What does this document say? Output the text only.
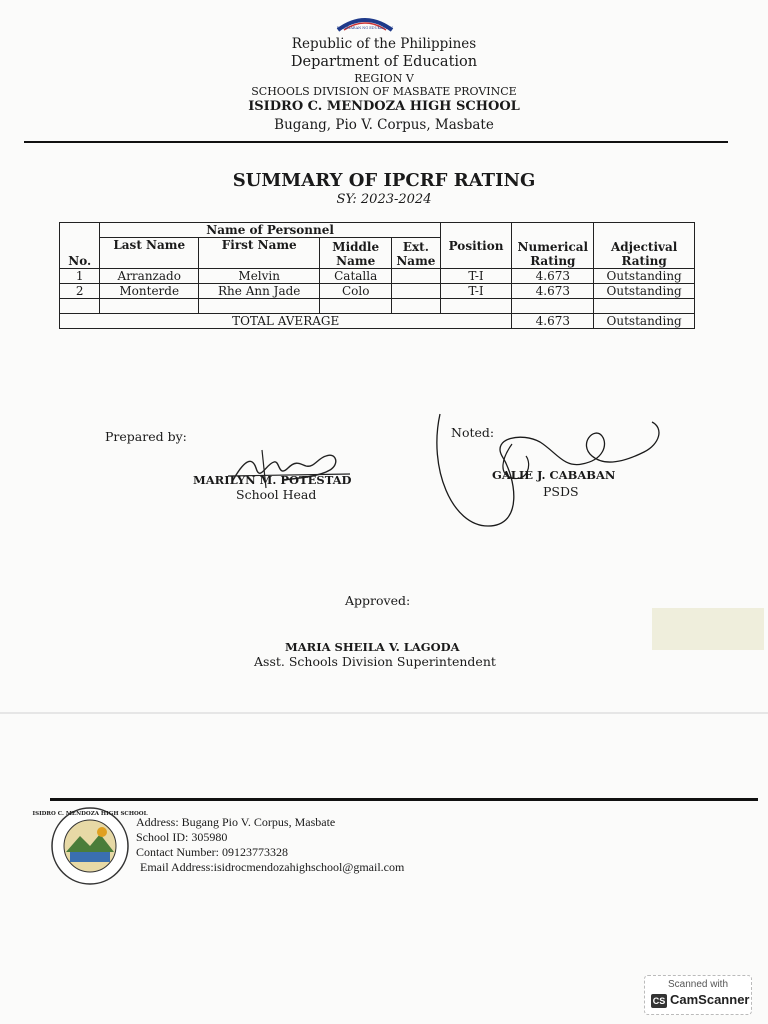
KAGAWARAN NG EDUKASYON
Republic of the Philippines
Department of Education
REGION V
SCHOOLS DIVISION OF MASBATE PROVINCE
ISIDRO C. MENDOZA HIGH SCHOOL
Bugang, Pio V. Corpus, Masbate
SUMMARY OF IPCRF RATING
SY: 2023-2024
No.	Name of Personnel				Position	Numerical Rating	Adjectival Rating
	Last Name	First Name	Middle Name	Ext. Name			
1	Arranzado	Melvin	Catalla		T-I	4.673	Outstanding
2	Monterde	Rhe Ann Jade	Colo		T-I	4.673	Outstanding

TOTAL AVERAGE						4.673	Outstanding
Prepared by:
MARILYN M. POTESTAD
School Head
Noted:
GALIE J. CABABAN
PSDS
Approved:
MARIA SHEILA V. LAGODA
Asst. Schools Division Superintendent
ISIDRO C. MENDOZA HIGH SCHOOL
Address: Bugang Pio V. Corpus, Masbate
School ID: 305980
Contact Number: 09123773328
Email Address:isidrocmendozahighschool@gmail.com
Scanned with
CS CamScanner
